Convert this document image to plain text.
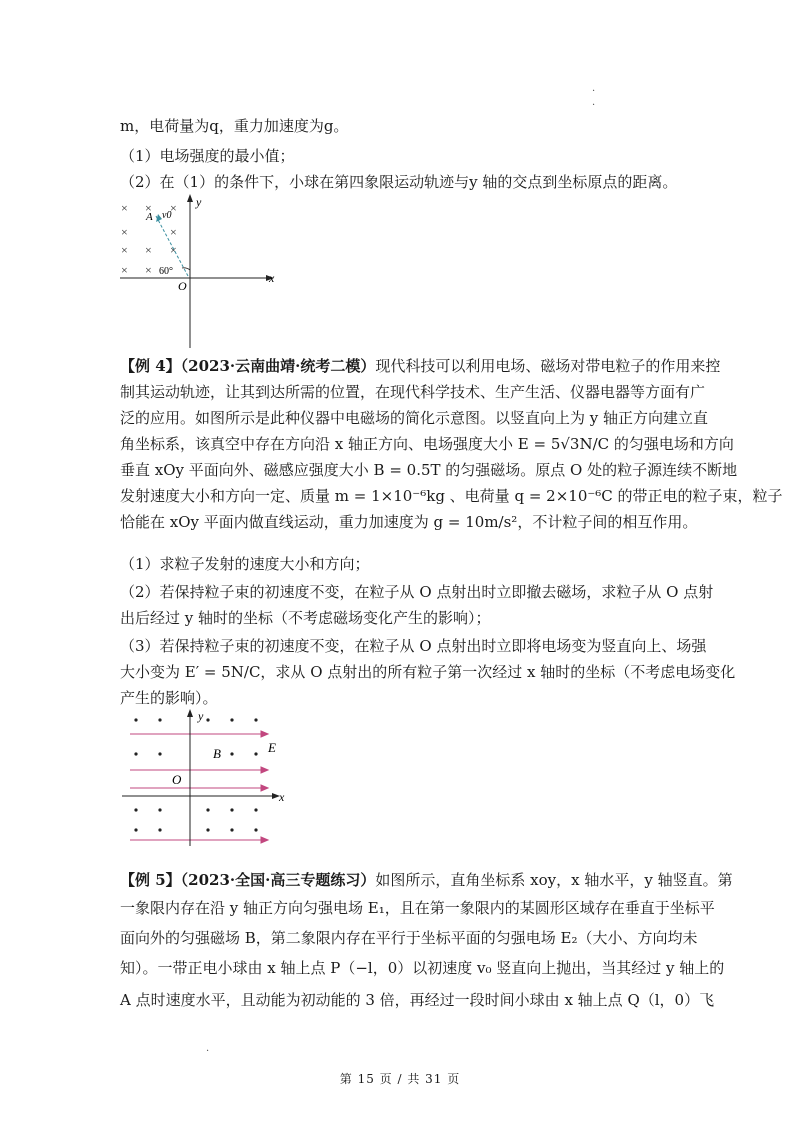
·
·
m，电荷量为q，重力加速度为g。
（1）电场强度的最小值；
（2）在（1）的条件下，小球在第四象限运动轨迹与y 轴的交点到坐标原点的距离。
y
x
O
× × ×
×	×
× × ×
× ×
A v0
60°
【例 4】（2023·云南曲靖·统考二模）现代科技可以利用电场、磁场对带电粒子的作用来控
制其运动轨迹，让其到达所需的位置，在现代科学技术、生产生活、仪器电器等方面有广
泛的应用。如图所示是此种仪器中电磁场的简化示意图。以竖直向上为 y 轴正方向建立直
角坐标系，该真空中存在方向沿 x 轴正方向、电场强度大小 E = 5√3N/C 的匀强电场和方向
垂直 xOy 平面向外、磁感应强度大小 B = 0.5T 的匀强磁场。原点 O 处的粒子源连续不断地
发射速度大小和方向一定、质量 m = 1×10⁻⁶kg 、电荷量 q = 2×10⁻⁶C 的带正电的粒子束，粒子
恰能在 xOy 平面内做直线运动，重力加速度为 g = 10m/s²，不计粒子间的相互作用。
（1）求粒子发射的速度大小和方向；
（2）若保持粒子束的初速度不变，在粒子从 O 点射出时立即撤去磁场，求粒子从 O 点射
出后经过 y 轴时的坐标（不考虑磁场变化产生的影响）；
（3）若保持粒子束的初速度不变，在粒子从 O 点射出时立即将电场变为竖直向上、场强
大小变为 E′ = 5N/C，求从 O 点射出的所有粒子第一次经过 x 轴时的坐标（不考虑电场变化
产生的影响）。
y
x
O
B	E
【例 5】（2023·全国·高三专题练习）如图所示，直角坐标系 xoy，x 轴水平，y 轴竖直。第
一象限内存在沿 y 轴正方向匀强电场 E₁，且在第一象限内的某圆形区域存在垂直于坐标平
面向外的匀强磁场 B，第二象限内存在平行于坐标平面的匀强电场 E₂（大小、方向均未
知）。一带正电小球由 x 轴上点 P（−l，0）以初速度 v₀ 竖直向上抛出，当其经过 y 轴上的
A 点时速度水平，且动能为初动能的 3 倍，再经过一段时间小球由 x 轴上点 Q（l，0）飞
·
第 15 页 / 共 31 页
